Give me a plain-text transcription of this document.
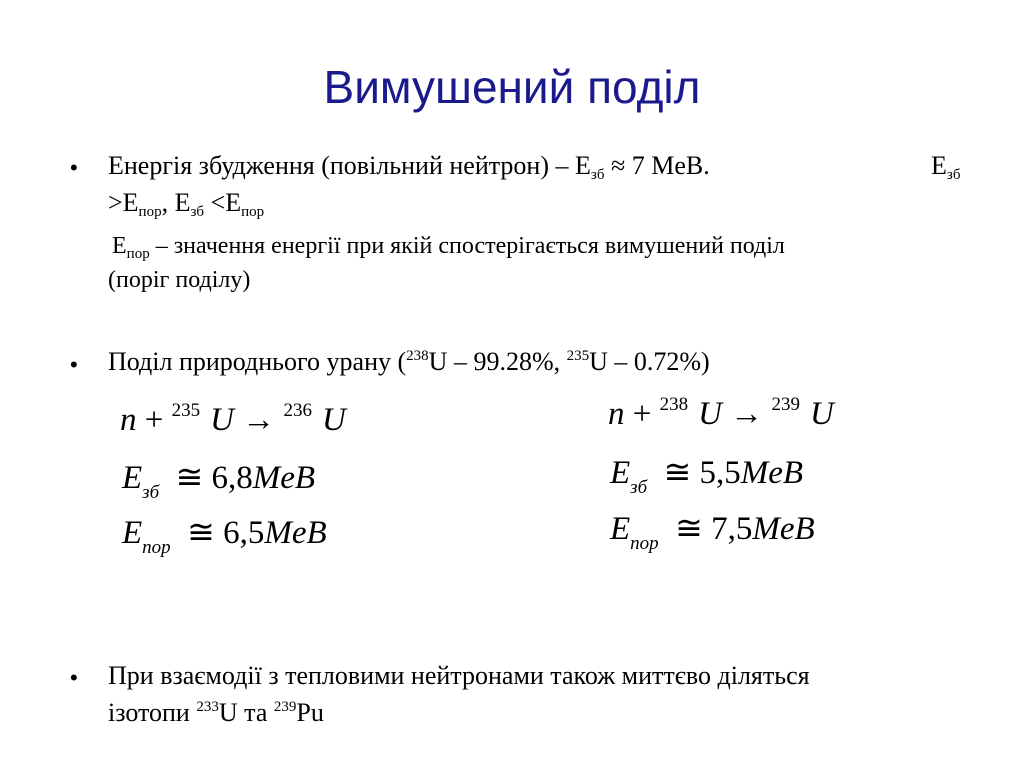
Вимушений поділ
• Енергія збудження (повільний нейтрон) – $E_{зб} \approx 7$ MeB.	$E_{зб}$
$>E_{пор}$, $E_{зб} <E_{пор}$
$E_{пор}$ – значення енергії при якій спостерігається вимушений поділ
(поріг поділу)
• Поділ природнього урану ($^{238}$U – 99.28%, $^{235}$U – 0.72%)
n + $^{235}$ U → $^{236}$ U
$E_{зб}$ ≅ 6,8MeB
$E_{пор}$ ≅ 6,5MeB
n + $^{238}$ U → $^{239}$ U
$E_{зб}$ ≅ 5,5MeB
$E_{пор}$ ≅ 7,5MeB
• При взаємодії з тепловими нейтронами також миттєво діляться
ізотопи $^{233}$U та $^{239}$Pu
